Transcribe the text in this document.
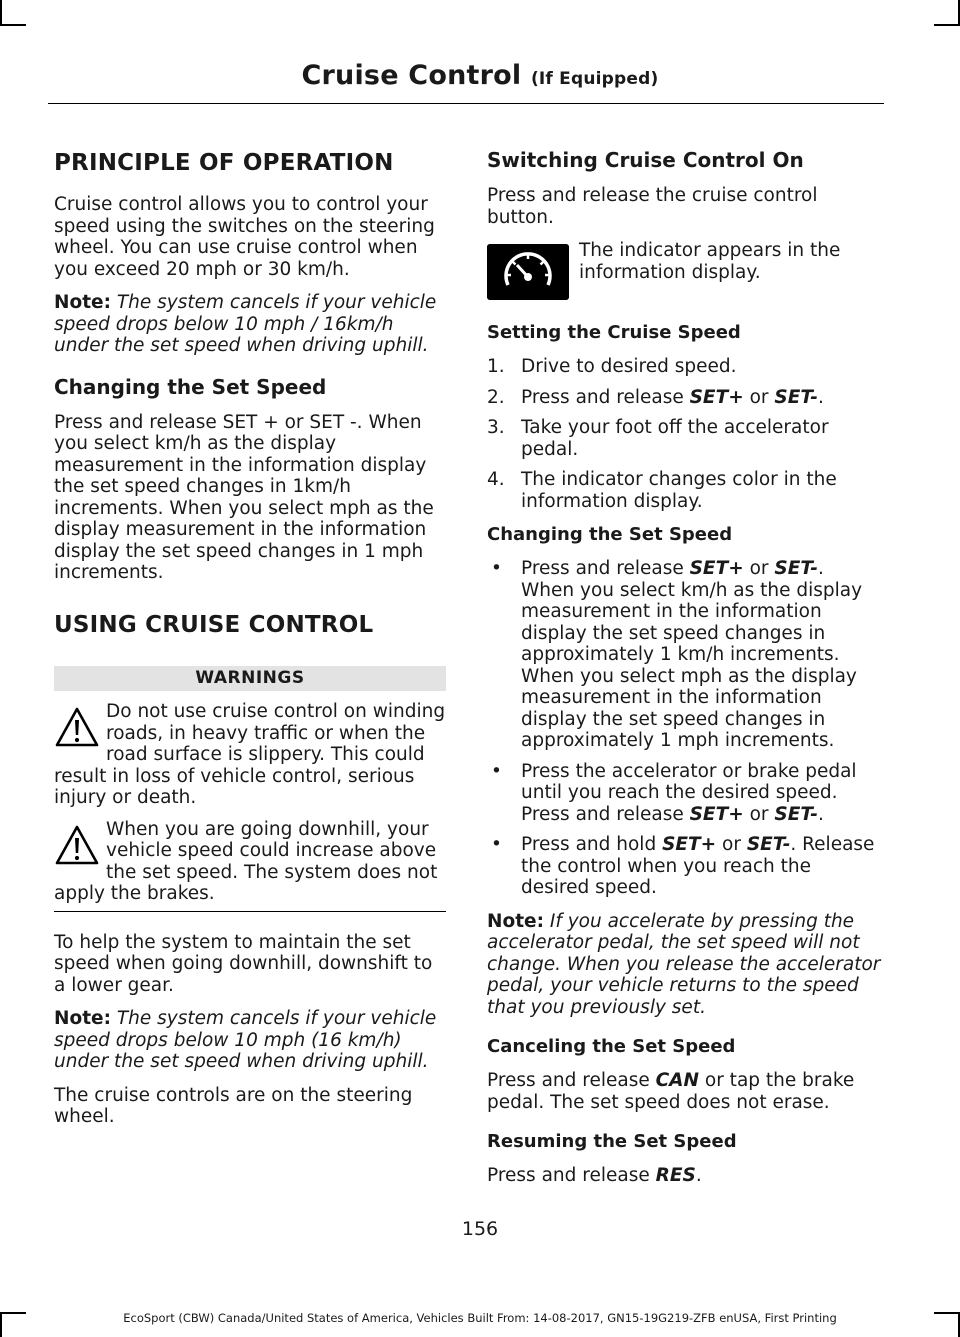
Cruise Control (If Equipped)
PRINCIPLE OF OPERATION

Cruise control allows you to control your speed using the switches on the steering wheel. You can use cruise control when you exceed 20 mph or 30 km/h.

Note: The system cancels if your vehicle speed drops below 10 mph / 16km/h under the set speed when driving uphill.

Changing the Set Speed

Press and release SET + or SET -. When you select km/h as the display measurement in the information display the set speed changes in 1km/h increments. When you select mph as the display measurement in the information display the set speed changes in 1 mph increments.

USING CRUISE CONTROL
WARNINGS
Do not use cruise control on winding roads, in heavy traffic or when the road surface is slippery. This could result in loss of vehicle control, serious injury or death.
When you are going downhill, your vehicle speed could increase above the set speed. The system does not apply the brakes.

To help the system to maintain the set speed when going downhill, downshift to a lower gear.

Note: The system cancels if your vehicle speed drops below 10 mph (16 km/h) under the set speed when driving uphill.

The cruise controls are on the steering wheel.

Switching Cruise Control On

Press and release the cruise control button.

The indicator appears in the information display.
Setting the Cruise Speed
1. Drive to desired speed.
2. Press and release SET+ or SET-.
3. Take your foot off the accelerator pedal.
4. The indicator changes color in the information display.
Changing the Set Speed
• Press and release SET+ or SET-. When you select km/h as the display measurement in the information display the set speed changes in approximately 1 km/h increments. When you select mph as the display measurement in the information display the set speed changes in approximately 1 mph increments.
• Press the accelerator or brake pedal until you reach the desired speed. Press and release SET+ or SET-.
• Press and hold SET+ or SET-. Release the control when you reach the desired speed.

Note: If you accelerate by pressing the accelerator pedal, the set speed will not change. When you release the accelerator pedal, your vehicle returns to the speed that you previously set.

Canceling the Set Speed

Press and release CAN or tap the brake pedal. The set speed does not erase.

Resuming the Set Speed

Press and release RES.

156
EcoSport (CBW) Canada/United States of America, Vehicles Built From: 14-08-2017, GN15-19G219-ZFB enUSA, First Printing
